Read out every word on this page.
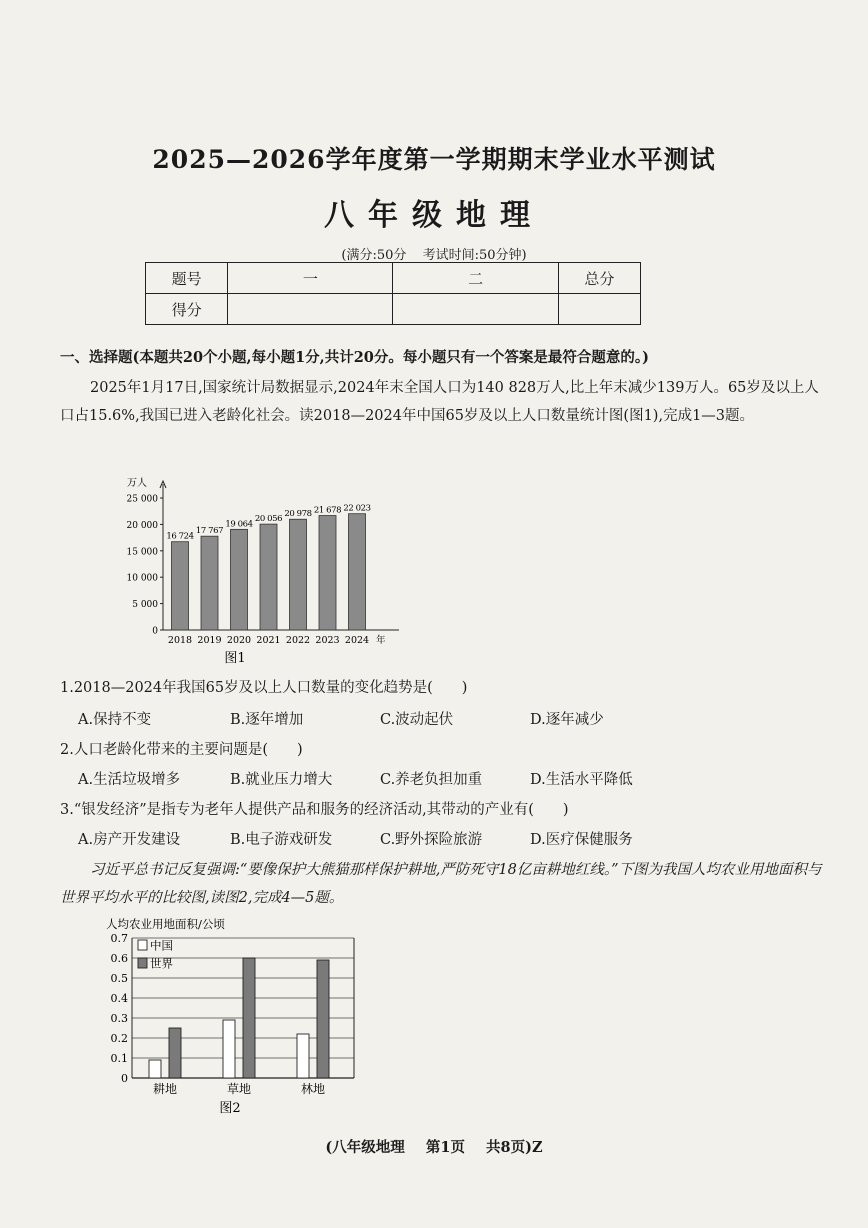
2025—2026学年度第一学期期末学业水平测试
八年级地理
(满分:50分 考试时间:50分钟)
题号	一	二	总分
得分			
一、选择题(本题共20个小题,每小题1分,共计20分。每小题只有一个答案是最符合题意的。)
2025年1月17日,国家统计局数据显示,2024年末全国人口为140 828万人,比上年末减少139万人。65岁及以上人口占15.6%,我国已进入老龄化社会。读2018—2024年中国65岁及以上人口数量统计图(图1),完成1—3题。
万人
0
5 000
10 000
15 000
20 000
25 000
16 724
2018
17 767
2019
19 064
2020
20 056
2021
20 978
2022
21 678
2023
22 023
2024 年
图1
1.2018—2024年我国65岁及以上人口数量的变化趋势是(　　)
A.保持不变	B.逐年增加	C.波动起伏	D.逐年减少
2.人口老龄化带来的主要问题是(　　)
A.生活垃圾增多	B.就业压力增大	C.养老负担加重	D.生活水平降低
3.“银发经济”是指专为老年人提供产品和服务的经济活动,其带动的产业有(　　)
A.房产开发建设	B.电子游戏研发	C.野外探险旅游	D.医疗保健服务
习近平总书记反复强调:“要像保护大熊猫那样保护耕地,严防死守18亿亩耕地红线。”下图为我国人均农业用地面积与世界平均水平的比较图,读图2,完成4—5题。
人均农业用地面积/公顷
0
0.1
0.2
0.3
0.4
0.5
0.6
0.7
耕地	草地	林地
中国
世界
图2
(八年级地理 第1页 共8页)Z
